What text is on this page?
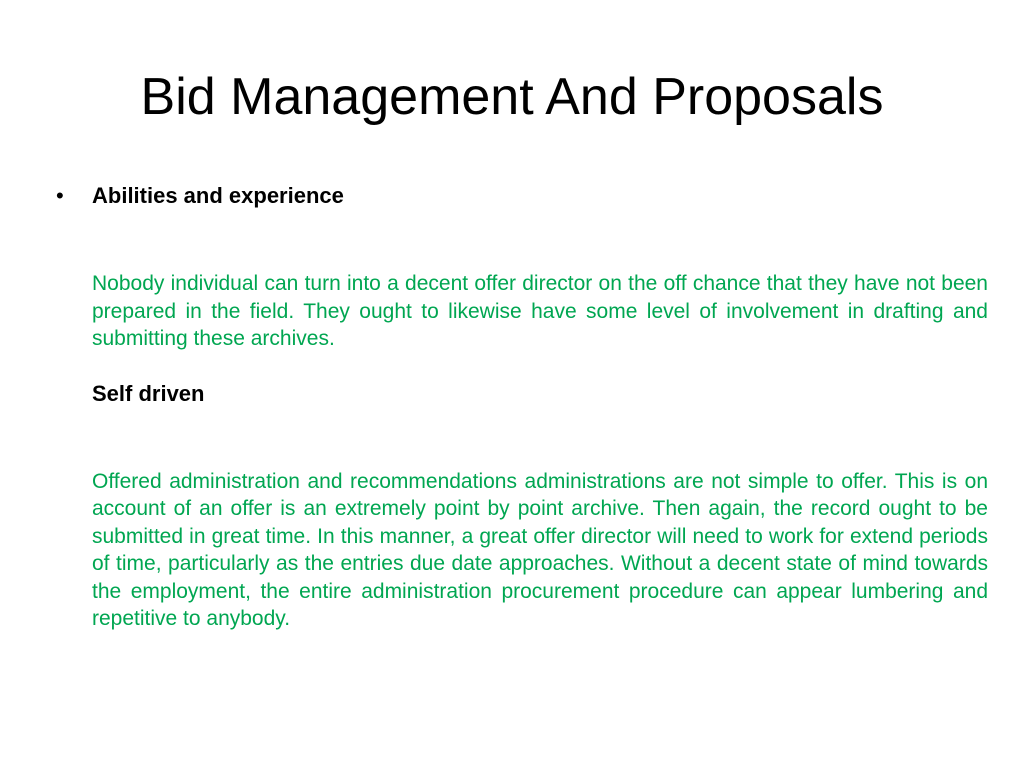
Bid Management And Proposals
• Abilities and experience

Nobody individual can turn into a decent offer director on the off chance that they have not been prepared in the field. They ought to likewise have some level of involvement in drafting and submitting these archives.

Self driven

Offered administration and recommendations administrations are not simple to offer. This is on account of an offer is an extremely point by point archive. Then again, the record ought to be submitted in great time. In this manner, a great offer director will need to work for extend periods of time, particularly as the entries due date approaches. Without a decent state of mind towards the employment, the entire administration procurement procedure can appear lumbering and repetitive to anybody.
